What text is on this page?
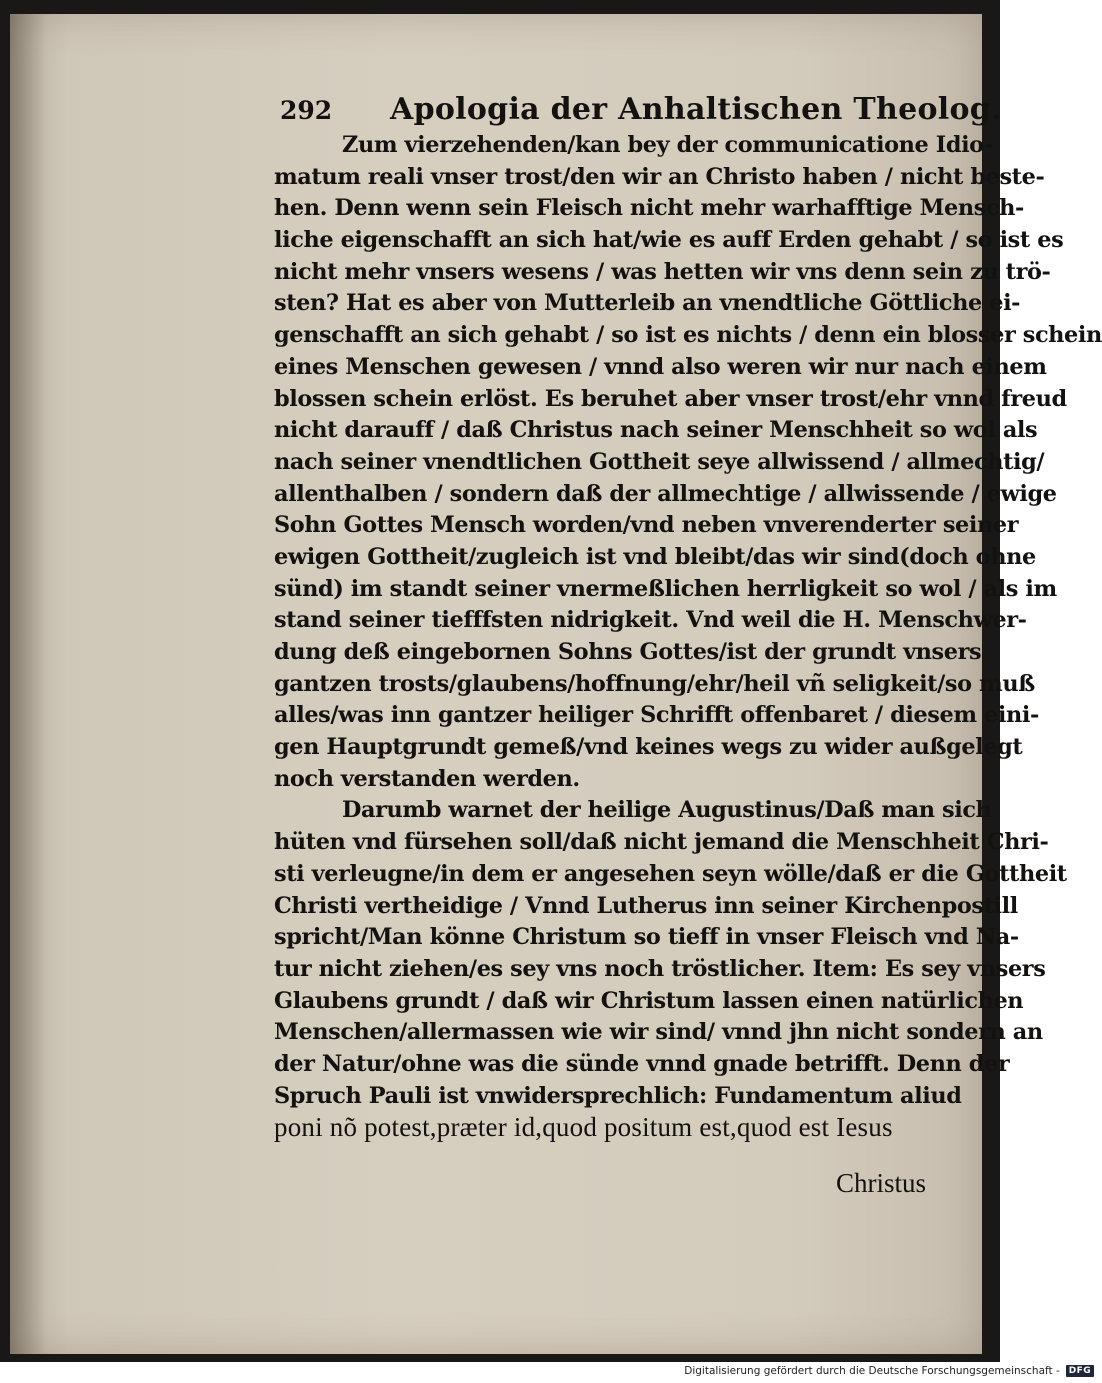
292 Apologia der Anhaltischen Theolog.
Zum vierzehenden/kan bey der communicatione Idio-
matum reali vnser trost/den wir an Christo haben / nicht beste-
hen. Denn wenn sein Fleisch nicht mehr warhafftige Mensch-
liche eigenschafft an sich hat/wie es auff Erden gehabt / so ist es
nicht mehr vnsers wesens / was hetten wir vns denn sein zu trö-
sten? Hat es aber von Mutterleib an vnendtliche Göttliche ei-
genschafft an sich gehabt / so ist es nichts / denn ein blosser schein
eines Menschen gewesen / vnnd also weren wir nur nach einem
blossen schein erlöst. Es beruhet aber vnser trost/ehr vnnd freud
nicht darauff / daß Christus nach seiner Menschheit so wol als
nach seiner vnendtlichen Gottheit seye allwissend / allmechtig/
allenthalben / sondern daß der allmechtige / allwissende / ewige
Sohn Gottes Mensch worden/vnd neben vnverenderter seiner
ewigen Gottheit/zugleich ist vnd bleibt/das wir sind(doch ohne
sünd) im standt seiner vnermeßlichen herrligkeit so wol / als im
stand seiner tiefffsten nidrigkeit. Vnd weil die H. Menschwer-
dung deß eingebornen Sohns Gottes/ist der grundt vnsers
gantzen trosts/glaubens/hoffnung/ehr/heil vñ seligkeit/so muß
alles/was inn gantzer heiliger Schrifft offenbaret / diesem eini-
gen Hauptgrundt gemeß/vnd keines wegs zu wider außgelegt
noch verstanden werden.
Darumb warnet der heilige Augustinus/Daß man sich
hüten vnd fürsehen soll/daß nicht jemand die Menschheit Chri-
sti verleugne/in dem er angesehen seyn wölle/daß er die Gottheit
Christi vertheidige / Vnnd Lutherus inn seiner Kirchenpostill
spricht/Man könne Christum so tieff in vnser Fleisch vnd Na-
tur nicht ziehen/es sey vns noch tröstlicher. Item: Es sey vnsers
Glaubens grundt / daß wir Christum lassen einen natürlichen
Menschen/allermassen wie wir sind/ vnnd jhn nicht sondern an
der Natur/ohne was die sünde vnnd gnade betrifft. Denn der
Spruch Pauli ist vnwidersprechlich: Fundamentum aliud
poni nõ potest,præter id,quod positum est,quod est Iesus
Christus
Digitalisierung gefördert durch die Deutsche Forschungsgemeinschaft -	DFG
